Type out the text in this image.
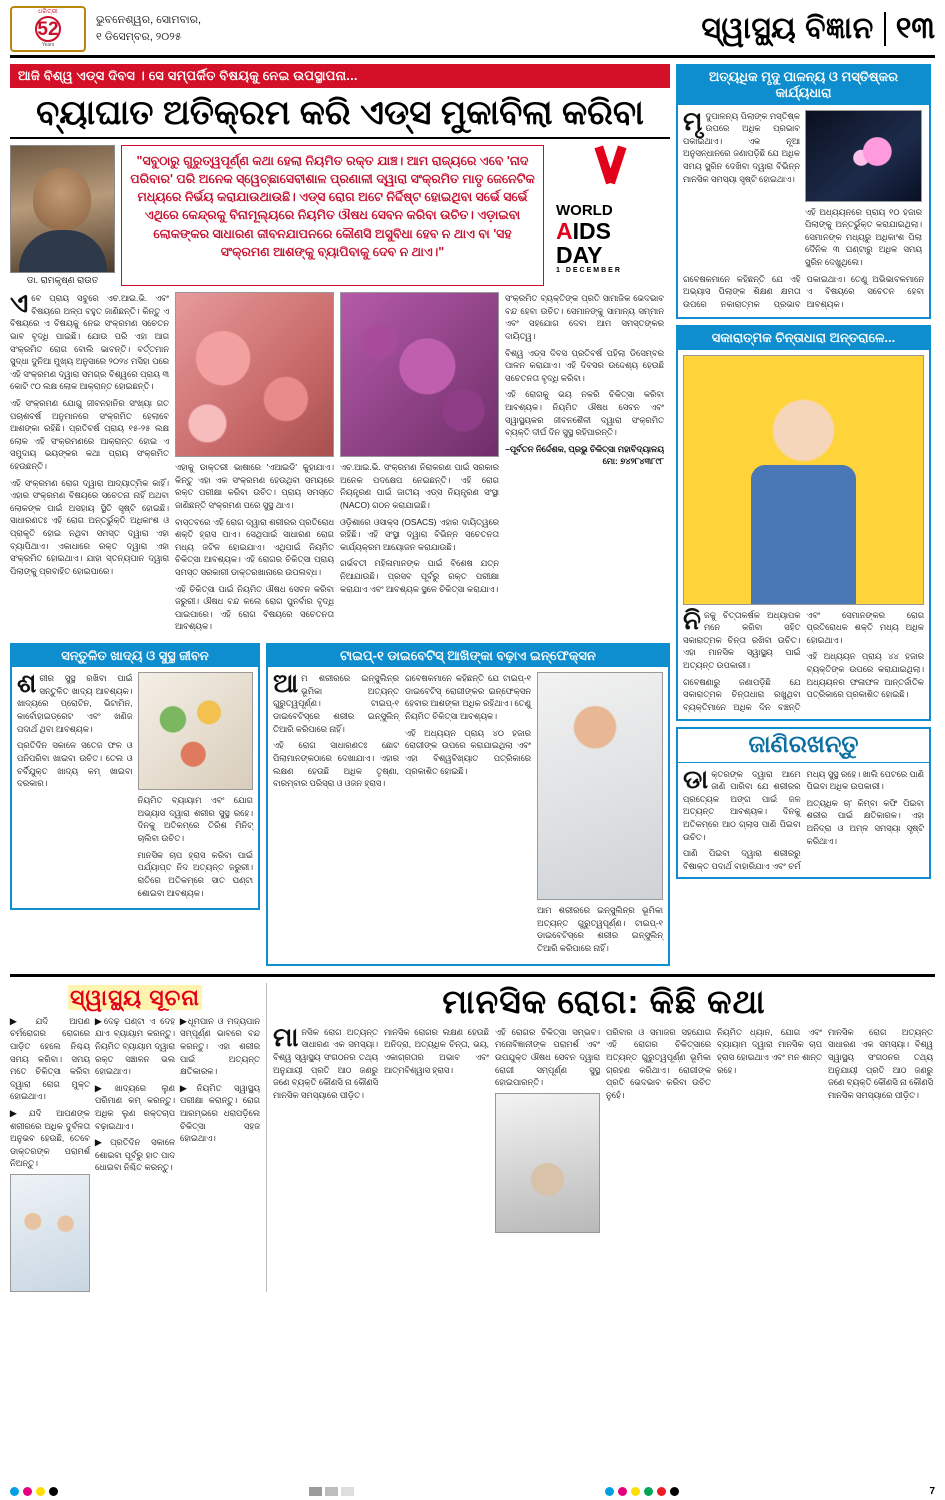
ଧରିତ୍ରୀ
52
Years
ଭୁବନେଶ୍ୱର, ସୋମବାର,
୧ ଡିସେମ୍ବର, ୨୦୨୫	ସ୍ୱାସ୍ଥ୍ୟ ବିଜ୍ଞାନ ୧୩
ଆଜି ବିଶ୍ୱ ଏଡ୍ସ ଦିବସ । ସେ ସମ୍ପର୍କିତ ବିଷୟକୁ ନେଇ ଉପସ୍ଥାପନା...
ବ୍ୟାଘାତ ଅତିକ୍ରମ କରି ଏଡ୍ସ ମୁକାବିଲା କରିବା
ଡା. ରାମକୃଷ୍ଣ ରାଉତ
"ସବୁଠାରୁ ଗୁରୁତ୍ୱପୂର୍ଣ୍ଣ କଥା ହେଲା ନିୟମିତ ରକ୍ତ ଯାଞ୍ଚ। ଆମ ରାଜ୍ୟରେ ଏବେ 'ନାଦ ପରିବାର' ପରି ଅନେକ ସ୍ୱେଚ୍ଛାସେବୀଶାଳ ପ୍ରଣାଳୀ ଦ୍ୱାରା ସଂକ୍ରମିତ ମାତୃ ଜେନେଟିକ ମଧ୍ୟରେ ନିର୍ଭୟ କରାଯାଉଥାଉଛି। ଏଡ୍ସ ରୋଗ ଅଟେ ନିର୍ଦ୍ଦିଷ୍ଟ ହୋଇଥିବା ସର୍ଭେ ସର୍ଭେ ଏଥିରେ କେନ୍ଦ୍ରକୁ ବିନାମୂଲ୍ୟରେ ନିୟମିତ ଔଷଧ ସେବନ କରିବା ଉଚିତ। ଏଡ଼ାଇବା ଲୋକଙ୍କର ସାଧାରଣ ଜୀବନଯାପନରେ କୌଣସି ଅସୁବିଧା ହେବ ନ ଥାଏ ବା 'ସହ ସଂକ୍ରମଣ ଆଶଙ୍କୁ ବ୍ୟାପିବାକୁ ଦେବ ନ ଥାଏ।"
WORLD
AIDS
DAY
1 DECEMBER

ଏବେ ପ୍ରାୟ ସବୁରେ ଏଚ.ଆଇ.ଭି. ଏବଂ ବିଷୟରେ ଅଳ୍ପ ବହୁତ ଜାଣିଛନ୍ତି। କିନ୍ତୁ ଏ ବିଷୟରେ ଏ ବିଷୟକୁ ନେଇ ସଂକ୍ରମଣ ସଚେତନ ଭାବ ବୃଦ୍ଧି ପାଇଛି। ଯୋଉ ପରି ଏହା ଆଗ ସଂକ୍ରମିତ ରୋଗ ବୋଲି ଭାବନ୍ତି। ବର୍ତ୍ତମାନ ସୁଦ୍ଧା ଦୁନିଆ ମୁଖ୍ୟ ଅନୁସାରେ ୨୦୨୪ ମସିହା ପରେ ଏହି ସଂକ୍ରମଣ ଦ୍ୱାରା ସମଗ୍ର ବିଶ୍ୱରେ ପ୍ରାୟ ୩ କୋଟି ୯୦ ଲକ୍ଷ ଲୋକ ଆକ୍ରାନ୍ତ ହୋଇଛନ୍ତି।

ଏହି ସଂକ୍ରମଣ ଯୋଗୁ ଜୀବନହାନିର ସଂଖ୍ୟା ଗତ ପଚାଶବର୍ଷ ଅନୁମାନରେ ସଂକ୍ରମିତ ହେଲାବେ ଆଶଙ୍କା ରହିଛି। ପ୍ରତିବର୍ଷ ପ୍ରାୟ ୧୫-୨୫ ଲକ୍ଷ ଲୋକ ଏହି ସଂକ୍ରମଣରେ ଆକ୍ରାନ୍ତ ହୋଇ ଏ ସମୁଦାୟ ଭୟଙ୍କର କଥା ପ୍ରାୟ ସଂକ୍ରମିତ ହେଉଛନ୍ତି।

ଏହି ସଂକ୍ରମଣ ରୋଗ ଦ୍ୱାରା ଆଦ୍ୟାତ୍ମିକ କାହିଁ। ଏହାର ସଂକ୍ରମଣ ବିଷୟରେ ସଚେତନା ନାହିଁ ଅଥବା ଲୋକଙ୍କ ପାଇଁ ଅସହାୟ ସ୍ଥିତି ସୃଷ୍ଟି ହୋଇଛି। ସାଧାରଣତଃ ଏହି ରୋଗ ଅନ୍ତର୍ଭୁକ୍ତି ଅଧିକାଂଶ ଓ ପ୍ରାକୃତି ହୋଇ ନଥିବା ସମସ୍ତ ଦ୍ୱାରା ଏହା ବ୍ୟାପିଥାଏ। ଏକାଧାରେ ରକ୍ତ ଦ୍ୱାରା ଏହା ସଂକ୍ରମିତ ହୋଇଥାଏ। ଯାହା ସ୍ତନ୍ୟପାନ ଦ୍ୱାରା ପିଲାଙ୍କୁ ପ୍ରବାହିତ ହୋଇପାରେ।

ଏହାକୁ ଡାକ୍ତରୀ ଭାଷାରେ 'ଏଆଇଡି' କୁହାଯାଏ। କିନ୍ତୁ ଏହା ଏକ ସଂକ୍ରମଣ ହେଉଥିବା ସମୟରେ ରକ୍ତ ପରୀକ୍ଷା କରିବା ଉଚିତ। ପ୍ରାୟ ସମସ୍ତେ ଜାଣିଛନ୍ତି ସଂକ୍ରମଣ ପରେ ସୁସ୍ଥ ଥାଏ।

ବାସ୍ତବରେ ଏହି ରୋଗ ଦ୍ୱାରା ଶରୀରର ପ୍ରତିରୋଧ ଶକ୍ତି ହ୍ରାସ ପାଏ। ସେଥିପାଇଁ ସାଧାରଣ ରୋଗ ମଧ୍ୟ ଜଟିଳ ହୋଇଯାଏ। ଏଥିପାଇଁ ନିୟମିତ ଚିକିତ୍ସା ଆବଶ୍ୟକ। ଏହି ରୋଗର ଚିକିତ୍ସା ପ୍ରାୟ ସମସ୍ତ ସରକାରୀ ଡାକ୍ତରଖାନାରେ ଉପଲବ୍ଧ।

ଏହି ଚିକିତ୍ସା ପାଇଁ ନିୟମିତ ଔଷଧ ସେବନ କରିବା ଜରୁରୀ। ଔଷଧ ବନ୍ଦ କଲେ ରୋଗ ପୁନର୍ବାର ବୃଦ୍ଧି ପାଇପାରେ। ଏହି ରୋଗ ବିଷୟରେ ସଚେତନତା ଆବଶ୍ୟକ।

ଏଚ.ଆଇ.ଭି. ସଂକ୍ରମଣ ନିରାକରଣ ପାଇଁ ସରକାର ଅନେକ ପଦକ୍ଷେପ ନେଇଛନ୍ତି। ଏହି ରୋଗ ନିୟନ୍ତ୍ରଣ ପାଇଁ ଜାତୀୟ ଏଡ୍ସ ନିୟନ୍ତ୍ରଣ ସଂସ୍ଥା (NACO) ଗଠନ କରାଯାଇଛି।

ଓଡ଼ିଶାରେ ଓସାକ୍ସ (OSACS) ଏହାର ଦାୟିତ୍ୱରେ ରହିଛି। ଏହି ସଂସ୍ଥା ଦ୍ୱାରା ବିଭିନ୍ନ ସଚେତନତା କାର୍ଯ୍ୟକ୍ରମ ଆୟୋଜନ କରାଯାଉଛି।

ଗର୍ଭବତୀ ମହିଳାମାନଙ୍କ ପାଇଁ ବିଶେଷ ଯତ୍ନ ନିଆଯାଉଛି। ପ୍ରସବ ପୂର୍ବରୁ ରକ୍ତ ପରୀକ୍ଷା କରାଯାଏ ଏବଂ ଆବଶ୍ୟକ ସ୍ଥଳେ ଚିକିତ୍ସା କରାଯାଏ।

ସଂକ୍ରମିତ ବ୍ୟକ୍ତିଙ୍କ ପ୍ରତି ସାମାଜିକ ଭେଦଭାବ ବନ୍ଦ ହେବା ଉଚିତ। ସେମାନଙ୍କୁ ସାମାନ୍ୟ ସମ୍ମାନ ଏବଂ ସହଯୋଗ ଦେବା ଆମ ସମସ୍ତଙ୍କର ଦାୟିତ୍ୱ।

ବିଶ୍ୱ ଏଡ୍ସ ଦିବସ ପ୍ରତିବର୍ଷ ପହିଲା ଡିସେମ୍ବର ପାଳନ କରାଯାଏ। ଏହି ଦିବସର ଉଦ୍ଦେଶ୍ୟ ହେଉଛି ସଚେତନତା ବୃଦ୍ଧି କରିବା।

ଏହି ରୋଗକୁ ଭୟ ନକରି ଚିକିତ୍ସା କରିବା ଆବଶ୍ୟକ। ନିୟମିତ ଔଷଧ ସେବନ ଏବଂ ସ୍ୱାସ୍ଥ୍ୟକର ଜୀବନଶୈଳୀ ଦ୍ୱାରା ସଂକ୍ରମିତ ବ୍ୟକ୍ତି ଦୀର୍ଘ ଦିନ ସୁସ୍ଥ ରହିପାରନ୍ତି।

–ପୂର୍ବତନ ନିର୍ଦ୍ଦେଶକ, ପ୍ରଭୁ ଚିକିତ୍ସା ମହାବିଦ୍ୟାଳୟ ମୋ: ୭୪୨୮୪୩୮୯୮

ସନ୍ତୁଳିତ ଖାଦ୍ୟ ଓ ସୁସ୍ଥ ଜୀବନ

ଶରୀର ସୁସ୍ଥ ରଖିବା ପାଇଁ ସନ୍ତୁଳିତ ଖାଦ୍ୟ ଆବଶ୍ୟକ। ଖାଦ୍ୟରେ ପ୍ରୋଟିନ, ଭିଟାମିନ, କାର୍ବୋହାଇଡ୍ରେଟ ଏବଂ ଖଣିଜ ପଦାର୍ଥ ଥିବା ଆବଶ୍ୟକ।

ପ୍ରତିଦିନ ସକାଳେ ସତେଜ ଫଳ ଓ ପନିପରିବା ଖାଇବା ଉଚିତ। ତେଲ ଓ ଚର୍ବିଯୁକ୍ତ ଖାଦ୍ୟ କମ୍ ଖାଇବା ଦରକାର।

ନିୟମିତ ବ୍ୟାୟାମ ଏବଂ ଯୋଗ ଅଭ୍ୟାସ ଦ୍ୱାରା ଶରୀର ସୁସ୍ଥ ରହେ। ଦିନକୁ ଅତିକମ୍‌ରେ ତିରିଶ ମିନିଟ୍ ଚାଲିବା ଉଚିତ।

ମାନସିକ ଚାପ ହ୍ରାସ କରିବା ପାଇଁ ପର୍ଯ୍ୟାପ୍ତ ନିଦ ଅତ୍ୟନ୍ତ ଜରୁରୀ। ରାତିରେ ଅତିକମ୍‌ରେ ସାତ ଘଣ୍ଟା ଶୋଇବା ଆବଶ୍ୟକ।

ଟାଇପ୍-୧ ଡାଇବେଟିସ୍ ଆଖିଙ୍କା ବଢ଼ାଏ ଇନ୍‌ଫେକ୍ସନ

ଆମ ଶରୀରରେ ଇନ୍‌ସୁଲିନ୍‌ର ଭୂମିକା ଅତ୍ୟନ୍ତ ଗୁରୁତ୍ୱପୂର୍ଣ୍ଣ। ଟାଇପ୍-୧ ଡାଇବେଟିସ୍‌ରେ ଶରୀର ଇନ୍‌ସୁଲିନ୍ ତିଆରି କରିପାରେ ନାହିଁ।

ଏହି ରୋଗ ସାଧାରଣତଃ ଛୋଟ ପିଲାମାନଙ୍କଠାରେ ଦେଖାଯାଏ। ଏହାର ଲକ୍ଷଣ ହେଉଛି ଅଧିକ ତୃଷ୍ଣା, ବାରମ୍ବାର ପରିସ୍ରା ଓ ଓଜନ ହ୍ରାସ।

ଗବେଷକମାନେ କହିଛନ୍ତି ଯେ ଟାଇପ୍-୧ ଡାଇବେଟିସ୍ ରୋଗୀଙ୍କର ଇନ୍‌ଫେକ୍ସନ ହେବାର ଆଶଙ୍କା ଅଧିକ ରହିଥାଏ। ତେଣୁ ନିୟମିତ ଚିକିତ୍ସା ଆବଶ୍ୟକ।

ଏହି ଅଧ୍ୟୟନ ପ୍ରାୟ ୪୦ ହଜାର ରୋଗୀଙ୍କ ଉପରେ କରାଯାଇଥିଲା ଏବଂ ଏହା ବିଶ୍ୱବିଖ୍ୟାତ ପତ୍ରିକାରେ ପ୍ରକାଶିତ ହୋଇଛି।

ଆମ ଶରୀରରେ ଇନ୍‌ସୁଲିନ୍‌ର ଭୂମିକା ଅତ୍ୟନ୍ତ ଗୁରୁତ୍ୱପୂର୍ଣ୍ଣ। ଟାଇପ୍-୧ ଡାଇବେଟିସ୍‌ରେ ଶରୀର ଇନ୍‌ସୁଲିନ୍ ତିଆରି କରିପାରେ ନାହିଁ।

ଅତ୍ୟଧିକ ମୃଦୁ ପାଳନ୍ୟ ଓ ମସ୍ତିଷ୍କର କାର୍ଯ୍ୟଧାରା

ମୃଦୁପାଳନ୍ୟ ପିଲାଙ୍କ ମସ୍ତିଷ୍କ ଉପରେ ଅଧିକ ପ୍ରଭାବ ପକାଇଥାଏ। ଏକ ନୂଆ ଅନୁସନ୍ଧାନରେ ଜଣାପଡ଼ିଛି ଯେ ଅଧିକ ସମୟ ସ୍କ୍ରିନ ଦେଖିବା ଦ୍ୱାରା ବିଭିନ୍ନ ମାନସିକ ସମସ୍ୟା ସୃଷ୍ଟି ହୋଇଥାଏ।

ଏହି ଅଧ୍ୟୟନରେ ପ୍ରାୟ ୧୦ ହଜାର ପିଲାଙ୍କୁ ଅନ୍ତର୍ଭୁକ୍ତ କରାଯାଇଥିଲା। ସେମାନଙ୍କ ମଧ୍ୟରୁ ଅଧିକାଂଶ ପିଲା ଦୈନିକ ୩ ଘଣ୍ଟାରୁ ଅଧିକ ସମୟ ସ୍କ୍ରିନ ଦେଖୁଥିଲେ।

ଗବେଷକମାନେ କହିଛନ୍ତି ଯେ ଏହି ଅଭ୍ୟାସ ପିଲାଙ୍କ ଶିକ୍ଷଣ କ୍ଷମତା ଉପରେ ନକାରାତ୍ମକ ପ୍ରଭାବ ପକାଇଥାଏ। ତେଣୁ ଅଭିଭାବକମାନେ ଏ ବିଷୟରେ ସଚେତନ ହେବା ଆବଶ୍ୟକ।

ସକାରାତ୍ମକ ଚିନ୍ତାଧାରା ଅନ୍ତରାଳେ...

ନିଜକୁ ଚିତ୍ତାକର୍ଷକ ଅଧ୍ୟାପକ ମନେ କରିବା ସହିତ ସକାରାତ୍ମକ ଚିନ୍ତା ରଖିବା ଉଚିତ। ଏହା ମାନସିକ ସ୍ୱାସ୍ଥ୍ୟ ପାଇଁ ଅତ୍ୟନ୍ତ ଉପକାରୀ।

ଗବେଷଣାରୁ ଜଣାପଡ଼ିଛି ଯେ ସକାରାତ୍ମକ ଚିନ୍ତାଧାରା ରଖୁଥିବା ବ୍ୟକ୍ତିମାନେ ଅଧିକ ଦିନ ବଞ୍ଚନ୍ତି ଏବଂ ସେମାନଙ୍କର ରୋଗ ପ୍ରତିରୋଧକ ଶକ୍ତି ମଧ୍ୟ ଅଧିକ ହୋଇଥାଏ।

ଏହି ଅଧ୍ୟୟନ ପ୍ରାୟ ୪୪ ହଜାର ବ୍ୟକ୍ତିଙ୍କ ଉପରେ କରାଯାଇଥିଲା। ଅଧ୍ୟୟନର ଫଳାଫଳ ଆନ୍ତର୍ଜାତିକ ପତ୍ରିକାରେ ପ୍ରକାଶିତ ହୋଇଛି।

ଜାଣିରଖନ୍ତୁ

ଡାକ୍ତରଙ୍କ ଦ୍ୱାରା ଆମେ ଜାଣି ପାରିବା ଯେ ଶରୀରର ପ୍ରତ୍ୟେକ ଅଙ୍ଗ ପାଇଁ ଜଳ ଅତ୍ୟନ୍ତ ଆବଶ୍ୟକ। ଦିନକୁ ଅତିକମ୍‌ରେ ଆଠ ଗ୍ଲାସ ପାଣି ପିଇବା ଉଚିତ।

ପାଣି ପିଇବା ଦ୍ୱାରା ଶରୀରରୁ ବିଷାକ୍ତ ପଦାର୍ଥ ବାହାରିଯାଏ ଏବଂ ଚର୍ମ ମଧ୍ୟ ସୁସ୍ଥ ରହେ। ଖାଲି ପେଟରେ ପାଣି ପିଇବା ଅଧିକ ଉପକାରୀ।

ଅତ୍ୟଧିକ ଚା' କିମ୍ବା କଫି ପିଇବା ଶରୀର ପାଇଁ କ୍ଷତିକାରକ। ଏହା ଅନିଦ୍ରା ଓ ଅମ୍ଳ ସମସ୍ୟା ସୃଷ୍ଟି କରିଥାଏ।

ସ୍ୱାସ୍ଥ୍ୟ ସୂଚନା

▶ଯଦି ଆପଣ ଚର୍ମରୋଗର ରୋଗରେ ପାଡ଼ିତ ହେଲେ ନିଶ୍ଚୟ ସମୟ କରିବା। ସମୟ ମତେ ଚିକିତ୍ସା କରିବା ଦ୍ୱାରା ରୋଗ ମୁକ୍ତ ହୋଇଥାଏ।

▶ଯଦି ଆପଣଙ୍କ ଶରୀରରେ ଅଧିକ ଦୁର୍ବଳତା ଅନୁଭବ ହେଉଛି, ତେବେ ଡାକ୍ତରଙ୍କ ପରାମର୍ଶ ନିଅନ୍ତୁ।

▶ଦେଢ଼ ଘଣ୍ଟା ଏ ଦେହ ଯାଏ ବ୍ୟାୟାମ କରନ୍ତୁ। ନିୟମିତ ବ୍ୟାୟାମ ଦ୍ୱାରା ରକ୍ତ ସଞ୍ଚାଳନ ଭଲ ହୋଇଥାଏ।

▶ଖାଦ୍ୟରେ ଲୁଣ ପରିମାଣ କମ୍ କରନ୍ତୁ। ଅଧିକ ଲୁଣ ରକ୍ତଚାପ ବଢ଼ାଇଥାଏ।

▶ପ୍ରତିଦିନ ସକାଳେ ଶୋଇବା ପୂର୍ବରୁ ହାତ ପାଦ ଧୋଇବା ନିଶ୍ଚିତ କରନ୍ତୁ।

▶ଧୂମପାନ ଓ ମଦ୍ୟପାନ ସମ୍ପୂର୍ଣ୍ଣ ଭାବରେ ବନ୍ଦ କରନ୍ତୁ। ଏହା ଶରୀର ପାଇଁ ଅତ୍ୟନ୍ତ କ୍ଷତିକାରକ।

▶ନିୟମିତ ସ୍ୱାସ୍ଥ୍ୟ ପରୀକ୍ଷା କରାନ୍ତୁ। ରୋଗ ଆରମ୍ଭରେ ଧରାପଡ଼ିଲେ ଚିକିତ୍ସା ସହଜ ହୋଇଥାଏ।

ମାନସିକ ରୋଗ: କିଛି କଥା

ମାନସିକ ରୋଗ ଅତ୍ୟନ୍ତ ସାଧାରଣ ଏକ ସମସ୍ୟା। ବିଶ୍ୱ ସ୍ୱାସ୍ଥ୍ୟ ସଂଗଠନର ତଥ୍ୟ ଅନୁଯାୟୀ ପ୍ରତି ଆଠ ଜଣରୁ ଜଣେ ବ୍ୟକ୍ତି କୌଣସି ନା କୌଣସି ମାନସିକ ସମସ୍ୟାରେ ପୀଡ଼ିତ।

ମାନସିକ ରୋଗର ଲକ୍ଷଣ ହେଉଛି ଅନିଦ୍ରା, ଅତ୍ୟଧିକ ଚିନ୍ତା, ଭୟ, ଏକାଗ୍ରତାର ଅଭାବ ଏବଂ ଆତ୍ମବିଶ୍ୱାସ ହ୍ରାସ।

ଏହି ରୋଗର ଚିକିତ୍ସା ସମ୍ଭବ। ମନୋବିଜ୍ଞାନୀଙ୍କ ପରାମର୍ଶ ଏବଂ ଉପଯୁକ୍ତ ଔଷଧ ସେବନ ଦ୍ୱାରା ରୋଗୀ ସମ୍ପୂର୍ଣ୍ଣ ସୁସ୍ଥ ହୋଇପାରନ୍ତି।

ପରିବାର ଓ ସମାଜର ସହଯୋଗ ଏହି ରୋଗର ଚିକିତ୍ସାରେ ଅତ୍ୟନ୍ତ ଗୁରୁତ୍ୱପୂର୍ଣ୍ଣ ଭୂମିକା ଗ୍ରହଣ କରିଥାଏ। ରୋଗୀଙ୍କ ପ୍ରତି ଭେଦଭାବ କରିବା ଉଚିତ ନୁହେଁ।

ନିୟମିତ ଧ୍ୟାନ, ଯୋଗ ଏବଂ ବ୍ୟାୟାମ ଦ୍ୱାରା ମାନସିକ ଚାପ ହ୍ରାସ ହୋଇଥାଏ ଏବଂ ମନ ଶାନ୍ତ ରହେ।

ମାନସିକ ରୋଗ ଅତ୍ୟନ୍ତ ସାଧାରଣ ଏକ ସମସ୍ୟା। ବିଶ୍ୱ ସ୍ୱାସ୍ଥ୍ୟ ସଂଗଠନର ତଥ୍ୟ ଅନୁଯାୟୀ ପ୍ରତି ଆଠ ଜଣରୁ ଜଣେ ବ୍ୟକ୍ତି କୌଣସି ନା କୌଣସି ମାନସିକ ସମସ୍ୟାରେ ପୀଡ଼ିତ।

7
